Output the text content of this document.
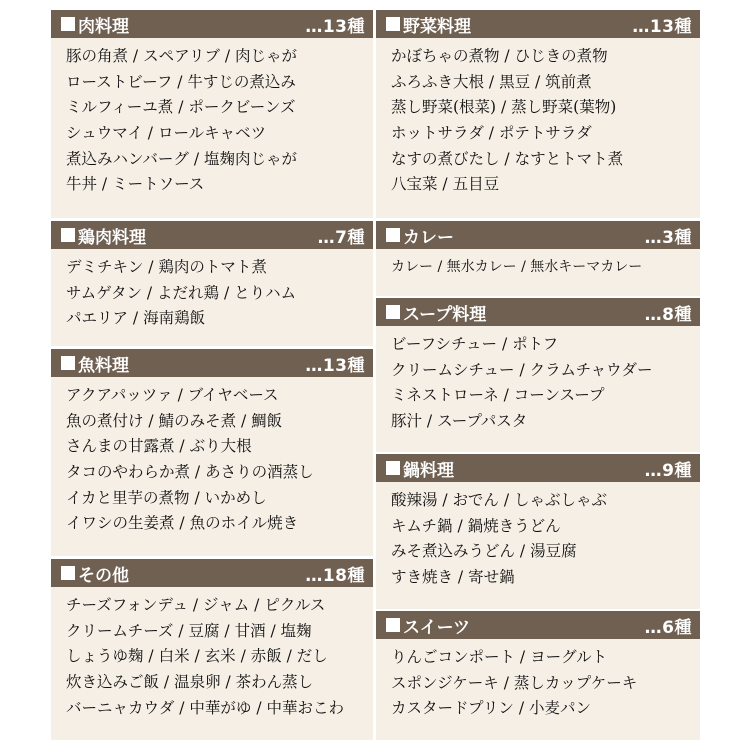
肉料理	…13種
豚の角煮 / スペアリブ / 肉じゃが
ローストビーフ / 牛すじの煮込み
ミルフィーユ煮 / ポークビーンズ
シュウマイ / ロールキャベツ
煮込みハンバーグ / 塩麹肉じゃが
牛丼 / ミートソース
鶏肉料理	…7種
デミチキン / 鶏肉のトマト煮
サムゲタン / よだれ鶏 / とりハム
パエリア / 海南鶏飯
魚料理	…13種
アクアパッツァ / ブイヤベース
魚の煮付け / 鯖のみそ煮 / 鯛飯
さんまの甘露煮 / ぶり大根
タコのやわらか煮 / あさりの酒蒸し
イカと里芋の煮物 / いかめし
イワシの生姜煮 / 魚のホイル焼き
その他	…18種
チーズフォンデュ / ジャム / ピクルス
クリームチーズ / 豆腐 / 甘酒 / 塩麹
しょうゆ麹 / 白米 / 玄米 / 赤飯 / だし
炊き込みご飯 / 温泉卵 / 茶わん蒸し
バーニャカウダ / 中華がゆ / 中華おこわ
野菜料理	…13種
かぼちゃの煮物 / ひじきの煮物
ふろふき大根 / 黒豆 / 筑前煮
蒸し野菜(根菜) / 蒸し野菜(葉物)
ホットサラダ / ポテトサラダ
なすの煮びたし / なすとトマト煮
八宝菜 / 五目豆
カレー	…3種
カレー / 無水カレー / 無水キーマカレー
スープ料理	…8種
ビーフシチュー / ポトフ
クリームシチュー / クラムチャウダー
ミネストローネ / コーンスープ
豚汁 / スープパスタ
鍋料理	…9種
酸辣湯 / おでん / しゃぶしゃぶ
キムチ鍋 / 鍋焼きうどん
みそ煮込みうどん / 湯豆腐
すき焼き / 寄せ鍋
スイーツ	…6種
りんごコンポート / ヨーグルト
スポンジケーキ / 蒸しカップケーキ
カスタードプリン / 小麦パン
